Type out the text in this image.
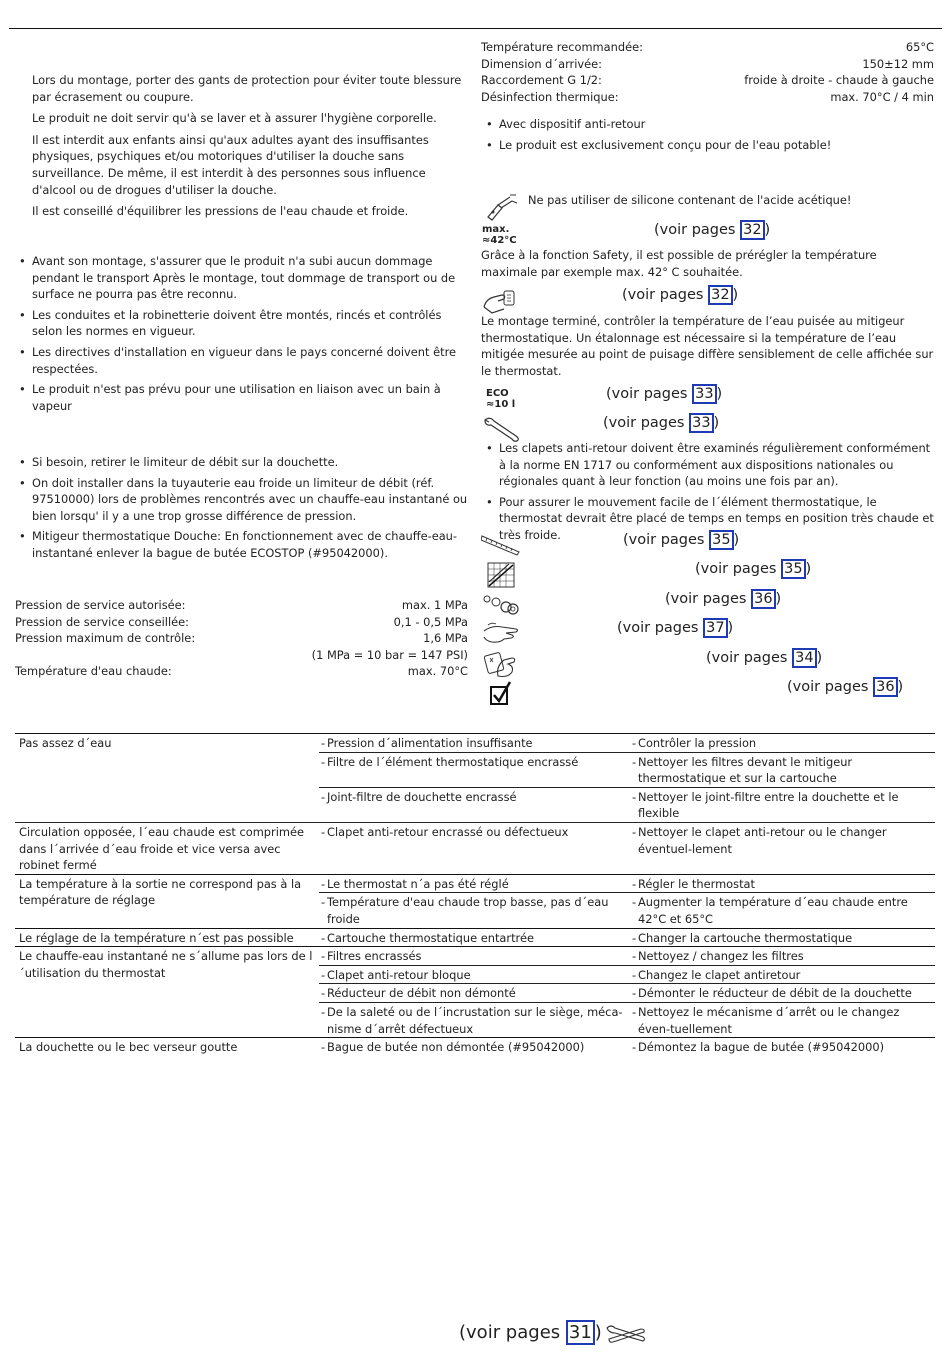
Lors du montage, porter des gants de protection pour éviter toute blessure par écrasement ou coupure.

Le produit ne doit servir qu'à se laver et à assurer l'hygiène corporelle.

Il est interdit aux enfants ainsi qu'aux adultes ayant des insuffisantes physiques, psychiques et/ou motoriques d'utiliser la douche sans surveillance. De même, il est interdit à des personnes sous influence d'alcool ou de drogues d'utiliser la douche.

Il est conseillé d'équilibrer les pressions de l'eau chaude et froide.

• Avant son montage, s'assurer que le produit n'a subi aucun dommage pendant le transport Après le montage, tout dommage de transport ou de surface ne pourra pas être reconnu.
• Les conduites et la robinetterie doivent être montés, rincés et contrôlés selon les normes en vigueur.
• Les directives d'installation en vigueur dans le pays concerné doivent être respectées.
• Le produit n'est pas prévu pour une utilisation en liaison avec un bain à vapeur
• Si besoin, retirer le limiteur de débit sur la douchette.
• On doit installer dans la tuyauterie eau froide un limiteur de débit (réf. 97510000) lors de problèmes rencontrés avec un chauffe-eau instantané ou bien lorsqu' il y a une trop grosse différence de pression.
• Mitigeur thermostatique Douche: En fonctionnement avec de chauffe-eau-instantané enlever la bague de butée ECOSTOP (#95042000).
Pression de service autorisée:	max. 1 MPa
Pression de service conseillée:	0,1 - 0,5 MPa
Pression maximum de contrôle:	1,6 MPa
(1 MPa = 10 bar = 147 PSI)
Température d'eau chaude:	max. 70°C
Température recommandée:	65°C
Dimension d´arrivée:	150±12 mm
Raccordement G 1/2:	froide à droite - chaude à gauche
Désinfection thermique:	max. 70°C / 4 min
• Avec dispositif anti-retour
• Le produit est exclusivement conçu pour de l'eau potable!
Ne pas utiliser de silicone contenant de l'acide acétique!
max.
≈42°C
(voir pages 32 )

Grâce à la fonction Safety, il est possible de prérégler la température maximale par exemple max. 42° C souhaitée.

(voir pages 32 )

Le montage terminé, contrôler la température de l’eau puisée au mitigeur thermostatique. Un étalonnage est nécessaire si la température de l’eau mitigée mesurée au point de puisage diffère sensiblement de celle affichée sur le thermostat.

ECO
≈10 l
(voir pages 33 )
(voir pages 33 )
• Les clapets anti-retour doivent être examinés régulièrement conformément à la norme EN 1717 ou conformément aux dispositions nationales ou régionales quant à leur fonction (au moins une fois par an).
• Pour assurer le mouvement facile de l´élément thermostatique, le thermostat devrait être placé de temps en temps en position très chaude et très froide.	(voir pages 35 )
(voir pages 35 )
(voir pages 36 )
(voir pages 37 )
(voir pages 34 )
(voir pages 36 )
Pas assez d´eau	- Pression d´alimentation insuffisante	- Contrôler la pression
	- Filtre de l´élément thermostatique encrassé	- Nettoyer les filtres devant le mitigeur thermostatique et sur la cartouche
	- Joint-filtre de douchette encrassé	- Nettoyer le joint-filtre entre la douchette et le flexible
Circulation opposée, l´eau chaude est comprimée dans l´arrivée d´eau froide et vice versa avec robinet fermé	- Clapet anti-retour encrassé ou défectueux	- Nettoyer le clapet anti-retour ou le changer éventuel-lement
La température à la sortie ne correspond pas à la température de réglage	- Le thermostat n´a pas été réglé	- Régler le thermostat
	- Température d'eau chaude trop basse, pas d´eau froide	- Augmenter la température d´eau chaude entre 42°C et 65°C
Le réglage de la température n´est pas possible	- Cartouche thermostatique entartrée	- Changer la cartouche thermostatique
Le chauffe-eau instantané ne s´allume pas lors de l´utilisation du thermostat	- Filtres encrassés	- Nettoyez / changez les filtres
	- Clapet anti-retour bloque	- Changez le clapet antiretour
	- Réducteur de débit non démonté	- Démonter le réducteur de débit de la douchette
	- De la saleté ou de l´incrustation sur le siège, méca-nisme d´arrêt défectueux	- Nettoyez le mécanisme d´arrêt ou le changez éven-tuellement
La douchette ou le bec verseur goutte	- Bague de butée non démontée (#95042000)	- Démontez la bague de butée (#95042000)
(voir pages 31 )
